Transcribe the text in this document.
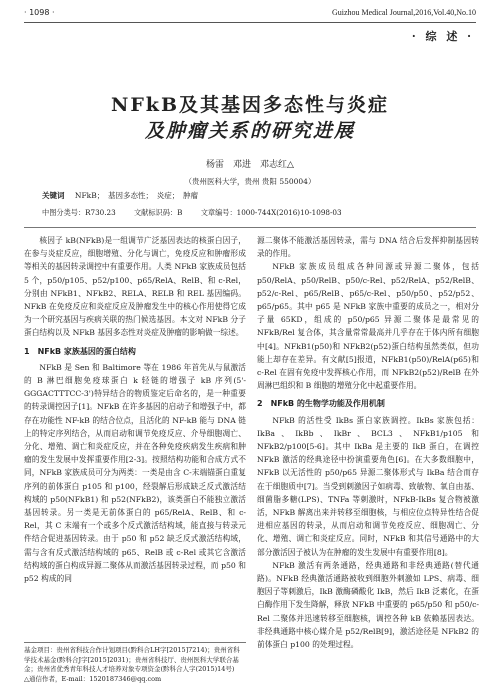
· 1098 ·	Guizhou Medical Journal,2016,Vol.40,No.10
· 综 述 ·
NFkB及其基因多态性与炎症
及肿瘤关系的研究进展
杨雷　邓进　邓志红△
（贵州医科大学，贵州 贵阳 550004）
关键词 NFkB；　基因多态性；　炎症；　肿瘤
中图分类号：R730.23	文献标识码：B	文章编号：1000-744X(2016)10-1098-03

核因子 kB(NFkB)是一组调节广泛基因表达的核蛋白因子，在参与炎症反应，细胞增殖、分化与调亡，免疫反应和肿瘤形成等相关的基因转录调控中有重要作用。人类 NFkB 家族成员包括 5 个，p50/p105、p52/p100、p65/RelA、RelB、和 c-Rel，分别由 NFkB1、NFkB2、RELA、RELB 和 REL 基因编码。NFkB 在免疫反应和炎症反应及肿瘤发生中的核心作用使得它成为一个研究基因与疾病关联的热门候选基因。本文对 NFkB 分子蛋白结构以及 NFkB 基因多态性对炎症及肿瘤的影响做一综述。

1　NFkB 家族基因的蛋白结构

NFkB 是 Sen 和 Baltimore 等在 1986 年首先从与鼠激活的 B 淋巴细胞免疫球蛋白 k 轻链的增强子 kB 序列(5'-GGGACTTTCC-3')特异结合的物质鉴定后命名的，是一种重要的转录调控因子[1]。NFkB 在许多基因的启动子和增强子中，都存在功能性 NF-kB 的结合位点，且活化的 NF-kB 能与 DNA 链上的特定序列结合，从而启动和调节免疫反应、介导细胞凋亡、分化、增殖、调亡和炎症反应，并在各种免疫疾病发生疾病和肿瘤的发生发展中发挥重要作用[2-3]。按照结构功能和合成方式不同，NFkB 家族成员可分为两类：一类是由含 C-末端锚蛋白重复序列的前体蛋白 p105 和 p100，经裂解后形成缺乏反式激活结构域的 p50(NFkB1) 和 p52(NFkB2)，该类蛋白不能独立激活基因转录。另一类是无前体蛋白的 p65/RelA、RelB、和 c-Rel，其 C 末端有一个或多个反式激活结构域，能直接与转录元件结合促进基因转录。由于 p50 和 p52 缺乏反式激活结构域，需与含有反式激活结构域的 p65、RelB 或 c-Rel 或其它含激活结构域的蛋白构成异源二聚体从而激活基因转录过程，而 p50 和 p52 构成的同

源二聚体不能激活基因转录，需与 DNA 结合后发挥抑制基因转录的作用。

NFkB 家族成员组成各种同源或异源二聚体，包括 p50/RelA、p50/RelB、p50/c-Rel、p52/RelA、p52/RelB、p52/c-Rel、p65/RelB、p65/c-Rel、p50/p50、p52/p52、p65/p65。其中 p65 是 NFkB 家族中重要的成员之一，相对分子量 65KD，组成的 p50/p65 异源二聚体是最常见的 NFkB/Rel 复合体，其含量常常最高并几乎存在于体内所有细胞中[4]。NFkB1(p50)和 NFkB2(p52)蛋白结构虽然类似，但功能上却存在差异。有文献[5]报道，NFkB1(p50)/RelA(p65)和 c-Rel 在固有免疫中发挥核心作用，而 NFkB2(p52)/RelB 在外周淋巴组织和 B 细胞的增殖分化中起重要作用。

2　NFkB 的生物学功能及作用机制

NFkB 的活性受 IkBs 蛋白家族调控。IkBs 家族包括：IkBa、IkBb、IkBr、BCL3、NFkB1/p105 和 NFkB2/p100[5-6]。其中 IkBa 是主要的 IkB 蛋白，在调控 NFkB 激活的经典途径中扮演重要角色[6]。在大多数细胞中，NFkB 以无活性的 p50/p65 异源二聚体形式与 IkBa 结合而存在于细胞质中[7]。当受到刺激因子如病毒、致敏物、氧自由基、细菌脂多糖(LPS)、TNFa 等刺激时，NFkB-IkBs 复合物被激活，NFkB 解离出来并转移至细胞核，与相应位点特异性结合促进相应基因的转录，从而启动和调节免疫反应、细胞凋亡、分化、增殖、调亡和炎症反应。同时，NFkB 和其信号通路中的大部分激活因子被认为在肿瘤的发生发展中有重要作用[8]。

NFkB 激活有两条通路，经典通路和非经典通路(替代通路)。NFkB 经典激活通路被收到细胞外刺激如 LPS、病毒、细胞因子等刺激后，IkB 激酶磷酸化 IkB，然后 IkB 泛素化，在蛋白酶作用下发生降解，释放 NFkB 中重要的 p65/p50 和 p50/c-Rel 二聚体并迅速转移至细胞核，调控各种 kB 依赖基因表达。非经典通路中核心媒介是 p52/RelB[9]，激活途径是 NFkB2 的前体蛋白 p100 的处理过程。

基金项目：贵州省科技合作计划项目(黔科合LH字[2015]7214)；贵州省科学技术基金(黔科合J字[2015]2031)；贵州省科技厅、贵州医科大学联合基金；贵州省优秀青年科技人才培养对象专项资金(黔科合人字(2015)14号)
△通信作者，E-mail：1520187346@qq.com
